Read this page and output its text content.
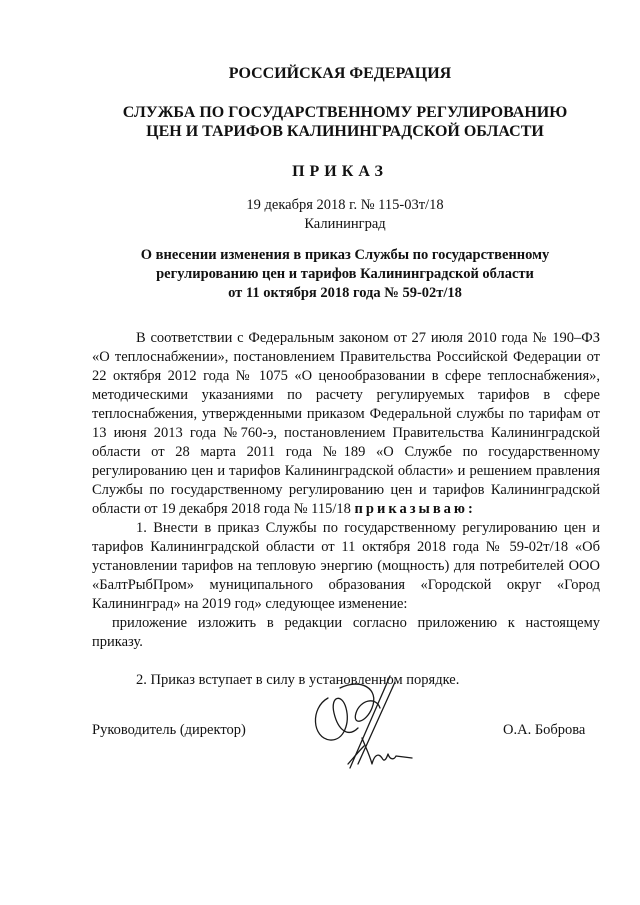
РОССИЙСКАЯ ФЕДЕРАЦИЯ
СЛУЖБА ПО ГОСУДАРСТВЕННОМУ РЕГУЛИРОВАНИЮ
ЦЕН И ТАРИФОВ КАЛИНИНГРАДСКОЙ ОБЛАСТИ
ПРИКАЗ
19 декабря 2018 г. № 115-03т/18
Калининград
О внесении изменения в приказ Службы по государственному
регулированию цен и тарифов Калининградской области
от 11 октября 2018 года № 59-02т/18

В соответствии с Федеральным законом от 27 июля 2010 года № 190–ФЗ «О теплоснабжении», постановлением Правительства Российской Федерации от 22 октября 2012 года № 1075 «О ценообразовании в сфере теплоснабжения», методическими указаниями по расчету регулируемых тарифов в сфере теплоснабжения, утвержденными приказом Федеральной службы по тарифам от 13 июня 2013 года №760-э, постановлением Правительства Калининградской области от 28 марта 2011 года №189 «О Службе по государственному регулированию цен и тарифов Калининградской области» и решением правления Службы по государственному регулированию цен и тарифов Калининградской области от 19 декабря 2018 года № 115/18 приказываю:

1. Внести в приказ Службы по государственному регулированию цен и тарифов Калининградской области от 11 октября 2018 года № 59-02т/18 «Об установлении тарифов на тепловую энергию (мощность) для потребителей ООО «БалтРыбПром» муниципального образования «Городской округ «Город Калининград» на 2019 год» следующее изменение:

приложение изложить в редакции согласно приложению к настоящему приказу.

2. Приказ вступает в силу в установленном порядке.

Руководитель (директор)	О.А. Боброва
